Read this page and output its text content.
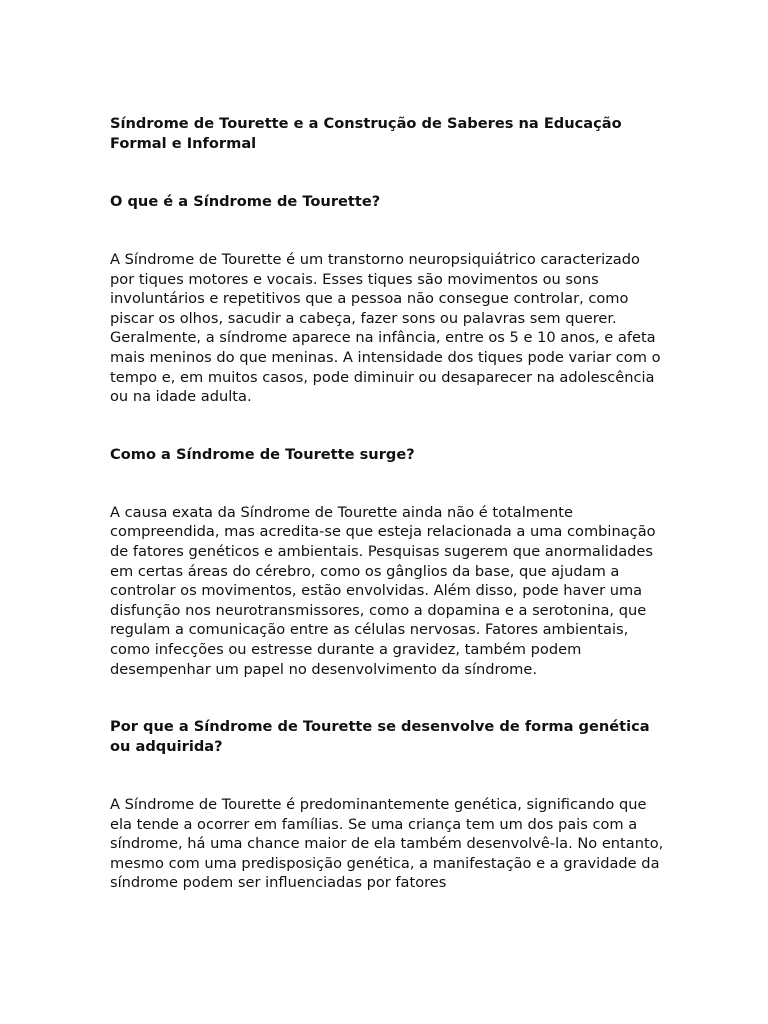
Síndrome de Tourette e a Construção de Saberes na Educação Formal e Informal
O que é a Síndrome de Tourette?
A Síndrome de Tourette é um transtorno neuropsiquiátrico caracterizado por tiques motores e vocais. Esses tiques são movimentos ou sons involuntários e repetitivos que a pessoa não consegue controlar, como piscar os olhos, sacudir a cabeça, fazer sons ou palavras sem querer. Geralmente, a síndrome aparece na infância, entre os 5 e 10 anos, e afeta mais meninos do que meninas. A intensidade dos tiques pode variar com o tempo e, em muitos casos, pode diminuir ou desaparecer na adolescência ou na idade adulta.
Como a Síndrome de Tourette surge?
A causa exata da Síndrome de Tourette ainda não é totalmente compreendida, mas acredita-se que esteja relacionada a uma combinação de fatores genéticos e ambientais. Pesquisas sugerem que anormalidades em certas áreas do cérebro, como os gânglios da base, que ajudam a controlar os movimentos, estão envolvidas. Além disso, pode haver uma disfunção nos neurotransmissores, como a dopamina e a serotonina, que regulam a comunicação entre as células nervosas. Fatores ambientais, como infecções ou estresse durante a gravidez, também podem desempenhar um papel no desenvolvimento da síndrome.
Por que a Síndrome de Tourette se desenvolve de forma genética ou adquirida?
A Síndrome de Tourette é predominantemente genética, significando que ela tende a ocorrer em famílias. Se uma criança tem um dos pais com a síndrome, há uma chance maior de ela também desenvolvê-la. No entanto, mesmo com uma predisposição genética, a manifestação e a gravidade da síndrome podem ser influenciadas por fatores
